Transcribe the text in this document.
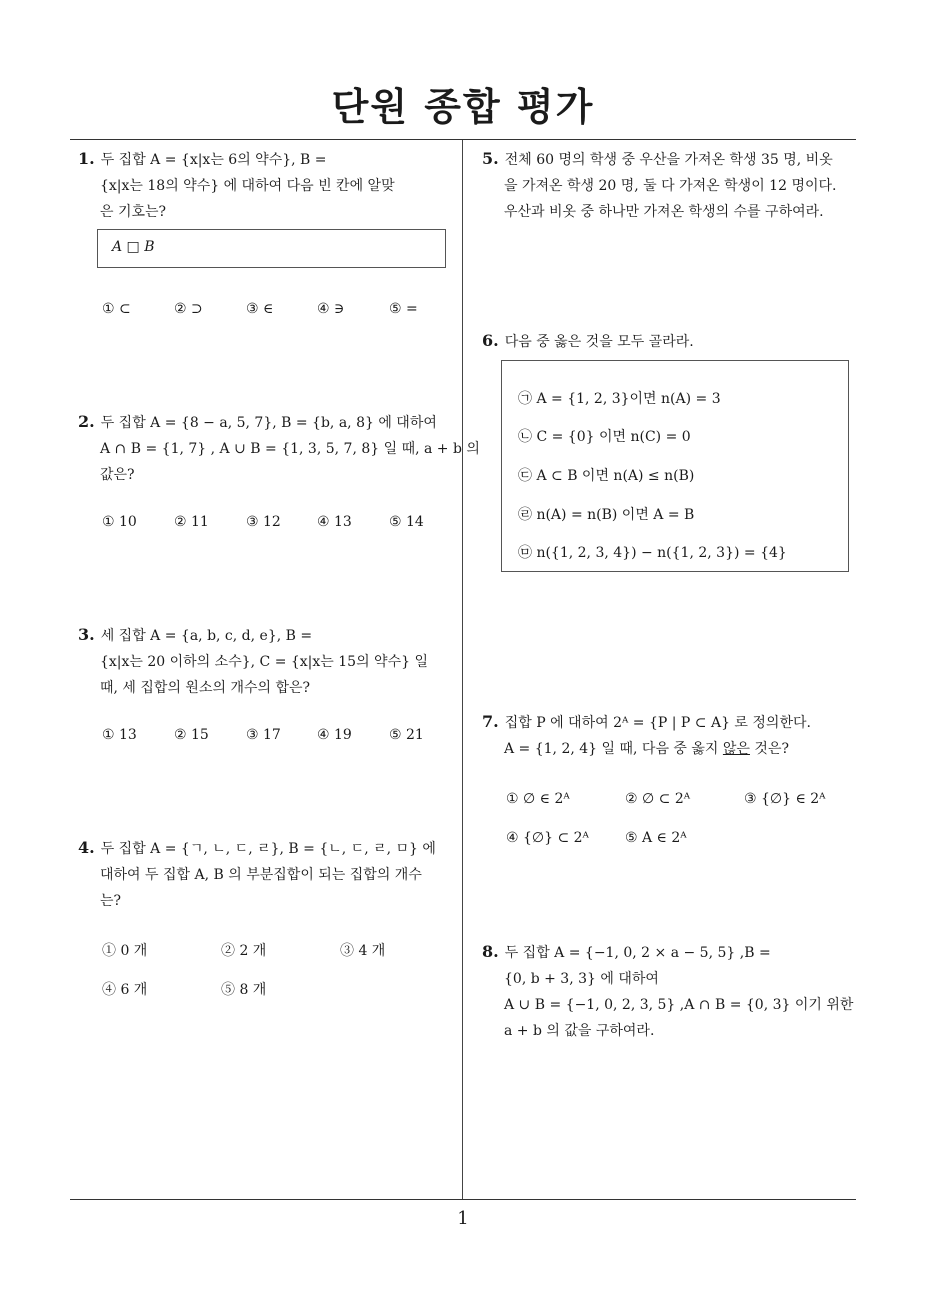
단원 종합 평가
1
1. 두 집합 A = {x|x는 6의 약수}, B =
{x|x는 18의 약수} 에 대하여 다음 빈 칸에 알맞
은 기호는?
A □ B
① ⊂	② ⊃	③ ∈	④ ∋	⑤ =
2. 두 집합 A = {8 − a, 5, 7}, B = {b, a, 8} 에 대하여
A ∩ B = {1, 7} , A ∪ B = {1, 3, 5, 7, 8} 일 때, a + b 의
값은?
① 10	② 11	③ 12	④ 13	⑤ 14
3. 세 집합 A = {a, b, c, d, e}, B =
{x|x는 20 이하의 소수}, C = {x|x는 15의 약수} 일
때, 세 집합의 원소의 개수의 합은?
① 13	② 15	③ 17	④ 19	⑤ 21
4. 두 집합 A = {ㄱ, ㄴ, ㄷ, ㄹ}, B = {ㄴ, ㄷ, ㄹ, ㅁ} 에
대하여 두 집합 A, B 의 부분집합이 되는 집합의 개수
는?
① 0 개	② 2 개	③ 4 개
④ 6 개	⑤ 8 개
5. 전체 60 명의 학생 중 우산을 가져온 학생 35 명, 비옷
을 가져온 학생 20 명, 둘 다 가져온 학생이 12 명이다.
우산과 비옷 중 하나만 가져온 학생의 수를 구하여라.
6. 다음 중 옳은 것을 모두 골라라.
㉠ A = {1, 2, 3}이면 n(A) = 3
㉡ C = {0} 이면 n(C) = 0
㉢ A ⊂ B 이면 n(A) ≤ n(B)
㉣ n(A) = n(B) 이면 A = B
㉤ n({1, 2, 3, 4}) − n({1, 2, 3}) = {4}
7. 집합 P 에 대하여 2ᴬ = {P | P ⊂ A} 로 정의한다.
A = {1, 2, 4} 일 때, 다음 중 옳지 않은 것은?
① ∅ ∈ 2ᴬ	② ∅ ⊂ 2ᴬ	③ {∅} ∈ 2ᴬ
④ {∅} ⊂ 2ᴬ	⑤ A ∈ 2ᴬ
8. 두 집합 A = {−1, 0, 2 × a − 5, 5} ,B =
{0, b + 3, 3} 에 대하여
A ∪ B = {−1, 0, 2, 3, 5} ,A ∩ B = {0, 3} 이기 위한
a + b 의 값을 구하여라.
